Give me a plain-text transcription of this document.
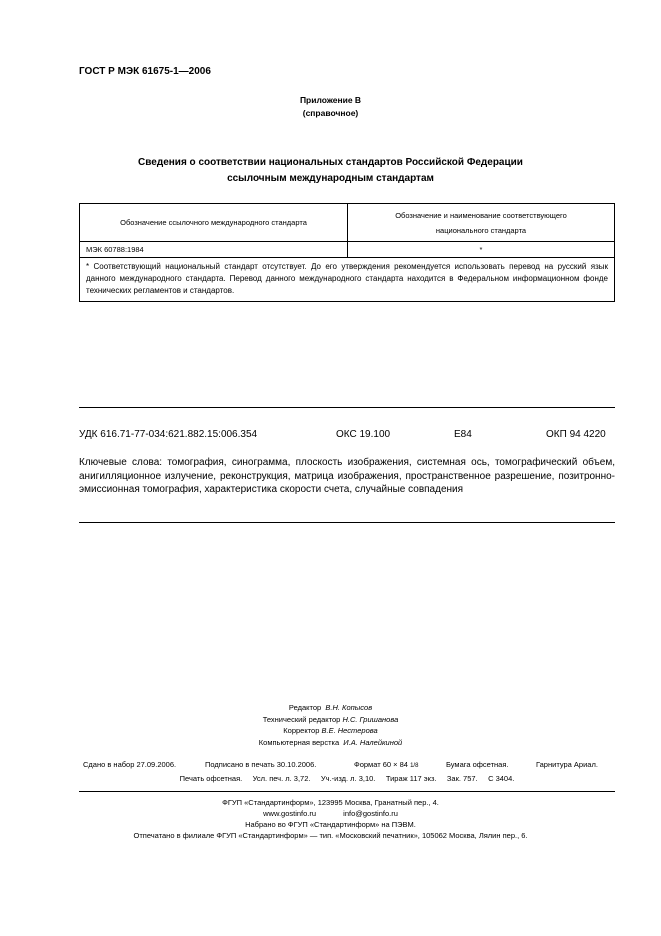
ГОСТ Р МЭК 61675-1—2006
Приложение В
(справочное)
Сведения о соответствии национальных стандартов Российской Федерации
ссылочным международным стандартам
Обозначение ссылочного международного стандарта	Обозначение и наименование соответствующего
национального стандарта

МЭК 60788:1984	*
* Соответствующий национальный стандарт отсутствует. До его утверждения рекомендуется использовать перевод на русский язык данного международного стандарта. Перевод данного международного стандарта находится в Федеральном информационном фонде технических регламентов и стандартов.	
УДК 616.71-77-034:621.882.15:006.354	ОКС 19.100	Е84	ОКП 94 4220
Ключевые слова: томография, синограмма, плоскость изображения, системная ось, томографический объем, анигилляционное излучение, реконструкция, матрица изображения, пространственное разрешение, позитронно-эмиссионная томография, характеристика скорости счета, случайные совпадения
Редактор В.Н. Копысов
Технический редактор Н.С. Гришанова
Корректор В.Е. Нестерова
Компьютерная верстка И.А. Налейкиной
Сдано в набор 27.09.2006.	Подписано в печать 30.10.2006.	Формат 60 × 84 1/8	Бумага офсетная.	Гарнитура Ариал.
Печать офсетная. Усл. печ. л. 3,72. Уч.-изд. л. 3,10. Тираж 117 экз. Зак. 757. С 3404.
ФГУП «Стандартинформ», 123995 Москва, Гранатный пер., 4.
www.gostinfo.ru	info@gostinfo.ru
Набрано во ФГУП «Стандартинформ» на ПЭВМ.
Отпечатано в филиале ФГУП «Стандартинформ» — тип. «Московский печатник», 105062 Москва, Лялин пер., 6.
